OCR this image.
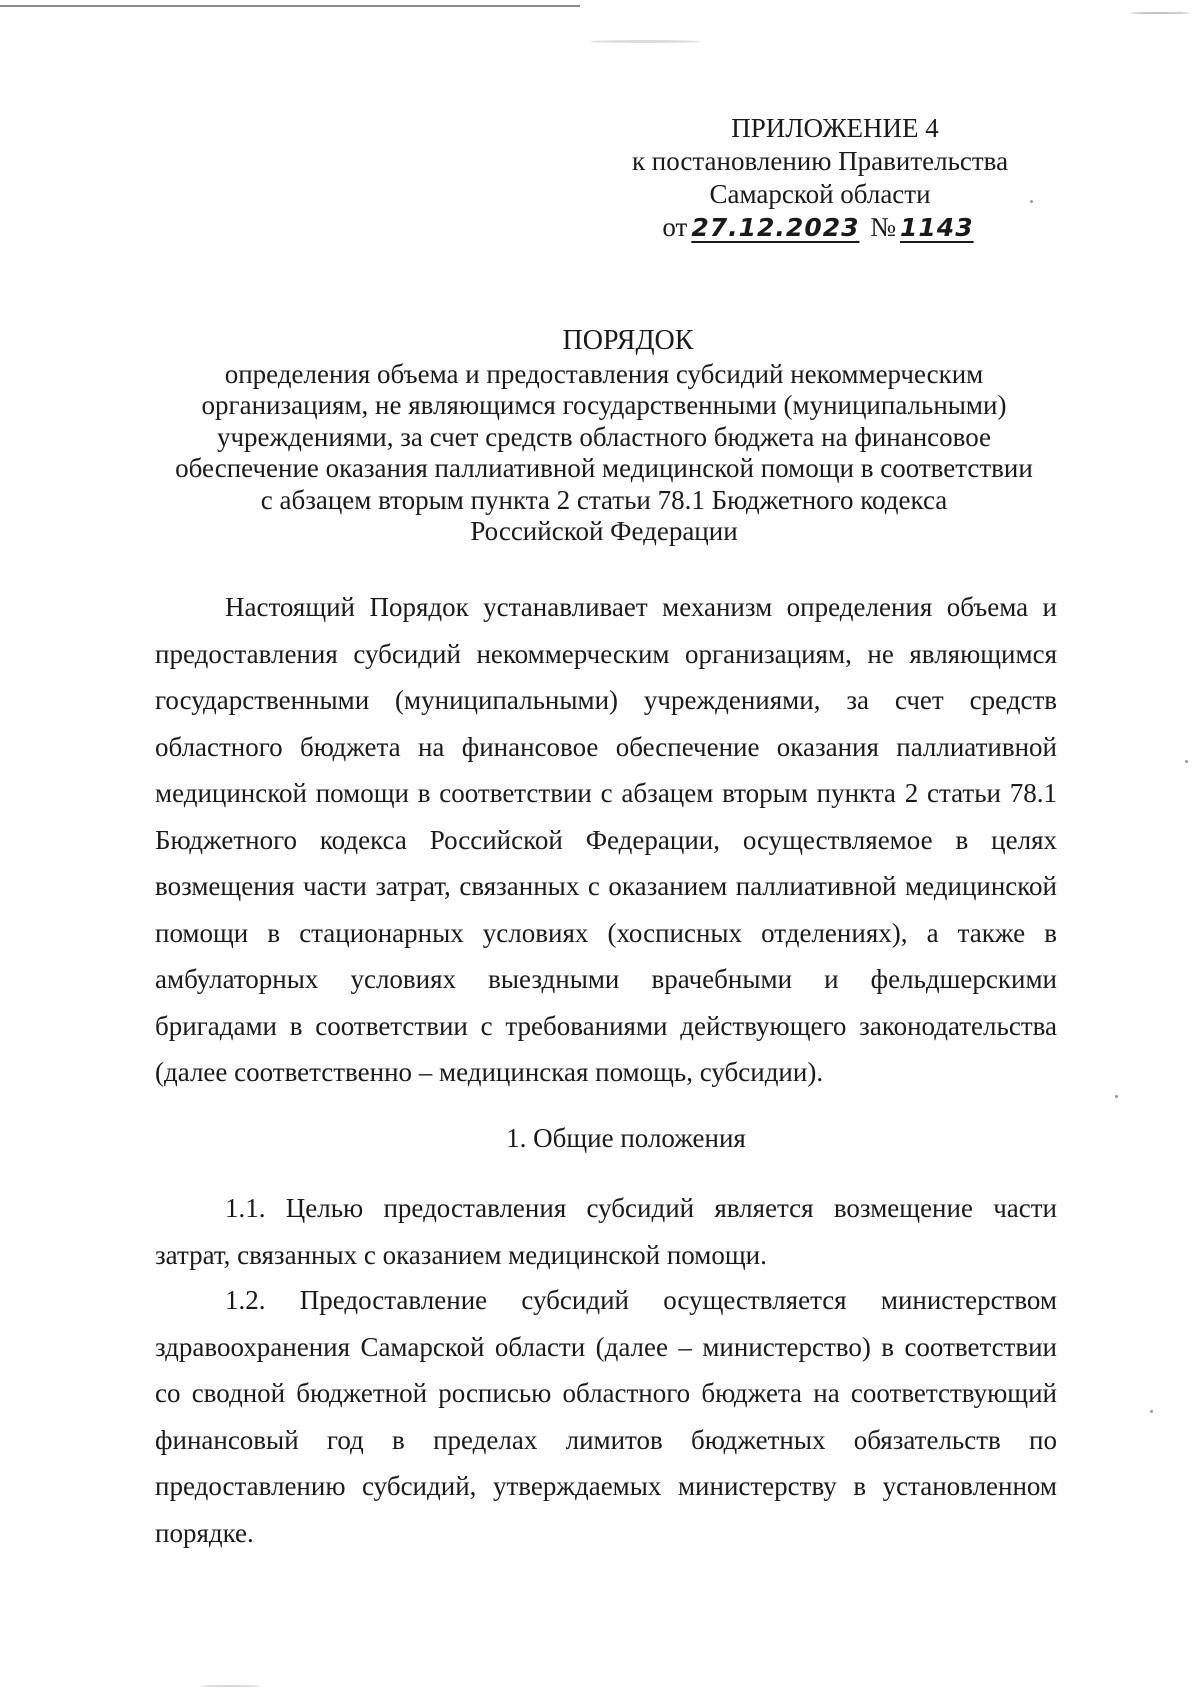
ПРИЛОЖЕНИЕ 4
к постановлению Правительства
Самарской области
от 27.12.2023 № 1143
ПОРЯДОК
определения объема и предоставления субсидий некоммерческим
организациям, не являющимся государственными (муниципальными)
учреждениями, за счет средств областного бюджета на финансовое
обеспечение оказания паллиативной медицинской помощи в соответствии
с абзацем вторым пункта 2 статьи 78.1 Бюджетного кодекса
Российской Федерации

Настоящий Порядок устанавливает механизм определения объема и предоставления субсидий некоммерческим организациям, не являющимся государственными (муниципальными) учреждениями, за счет средств областного бюджета на финансовое обеспечение оказания паллиативной медицинской помощи в соответствии с абзацем вторым пункта 2 статьи 78.1 Бюджетного кодекса Российской Федерации, осуществляемое в целях возмещения части затрат, связанных с оказанием паллиативной медицинской помощи в стационарных условиях (хосписных отделениях), а также в амбулаторных условиях выездными врачебными и фельдшерскими бригадами в соответствии с требованиями действующего законодательства (далее соответственно – медицинская помощь, субсидии).

1. Общие положения

1.1. Целью предоставления субсидий является возмещение части затрат, связанных с оказанием медицинской помощи.

1.2. Предоставление субсидий осуществляется министерством здравоохранения Самарской области (далее – министерство) в соответствии со сводной бюджетной росписью областного бюджета на соответствующий финансовый год в пределах лимитов бюджетных обязательств по предоставлению субсидий, утверждаемых министерству в установленном порядке.
